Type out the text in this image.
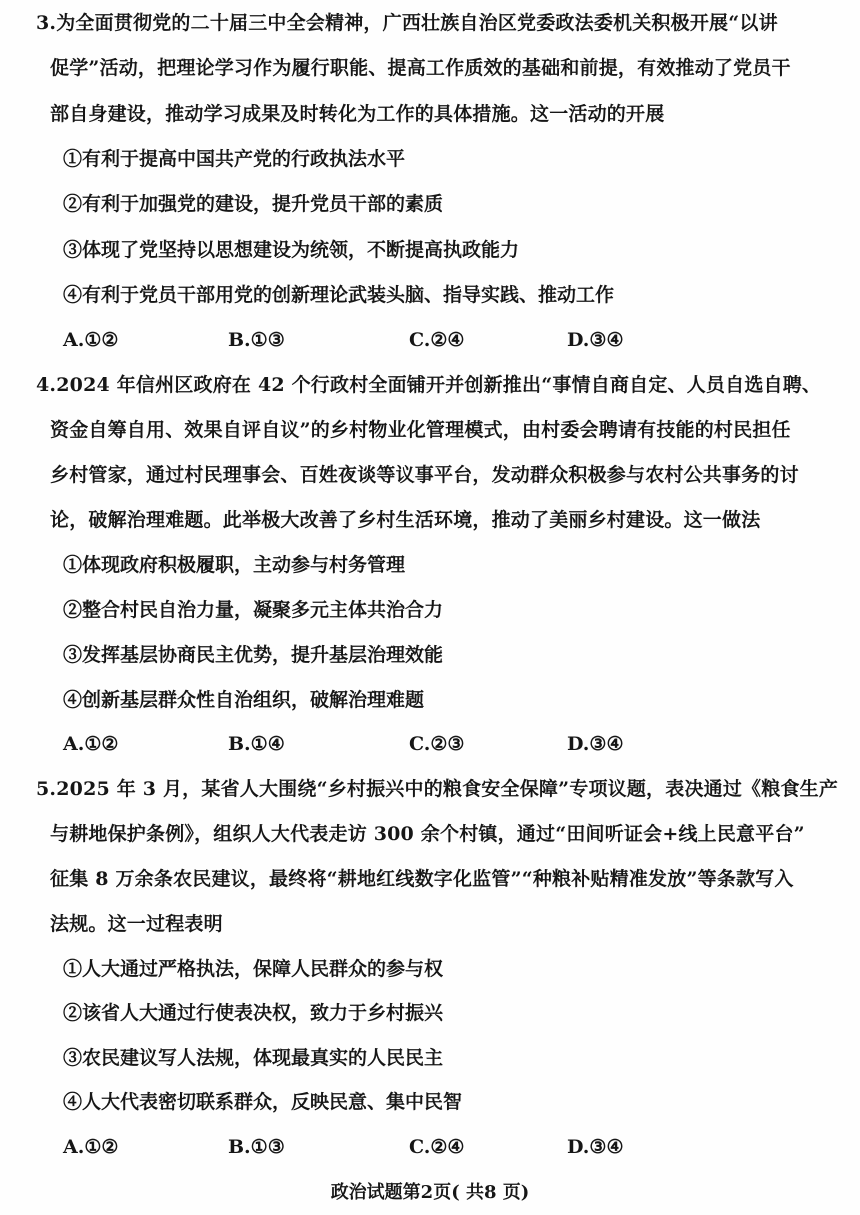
3.为全面贯彻党的二十届三中全会精神，广西壮族自治区党委政法委机关积极开展“以讲
促学”活动，把理论学习作为履行职能、提高工作质效的基础和前提，有效推动了党员干
部自身建设，推动学习成果及时转化为工作的具体措施。这一活动的开展
①有利于提高中国共产党的行政执法水平
②有利于加强党的建设，提升党员干部的素质
③体现了党坚持以思想建设为统领，不断提高执政能力
④有利于党员干部用党的创新理论武装头脑、指导实践、推动工作
A.①②	B.①③	C.②④	D.③④
4.2024 年信州区政府在 42 个行政村全面铺开并创新推出“事情自商自定、人员自选自聘、
资金自筹自用、效果自评自议”的乡村物业化管理模式，由村委会聘请有技能的村民担任
乡村管家，通过村民理事会、百姓夜谈等议事平台，发动群众积极参与农村公共事务的讨
论，破解治理难题。此举极大改善了乡村生活环境，推动了美丽乡村建设。这一做法
①体现政府积极履职，主动参与村务管理
②整合村民自治力量，凝聚多元主体共治合力
③发挥基层协商民主优势，提升基层治理效能
④创新基层群众性自治组织，破解治理难题
A.①②	B.①④	C.②③	D.③④
5.2025 年 3 月，某省人大围绕“乡村振兴中的粮食安全保障”专项议题，表决通过《粮食生产
与耕地保护条例》，组织人大代表走访 300 余个村镇，通过“田间听证会+线上民意平台”
征集 8 万余条农民建议，最终将“耕地红线数字化监管”“种粮补贴精准发放”等条款写入
法规。这一过程表明
①人大通过严格执法，保障人民群众的参与权
②该省人大通过行使表决权，致力于乡村振兴
③农民建议写人法规，体现最真实的人民民主
④人大代表密切联系群众，反映民意、集中民智
A.①②	B.①③	C.②④	D.③④
政治试题第2页( 共8 页)
